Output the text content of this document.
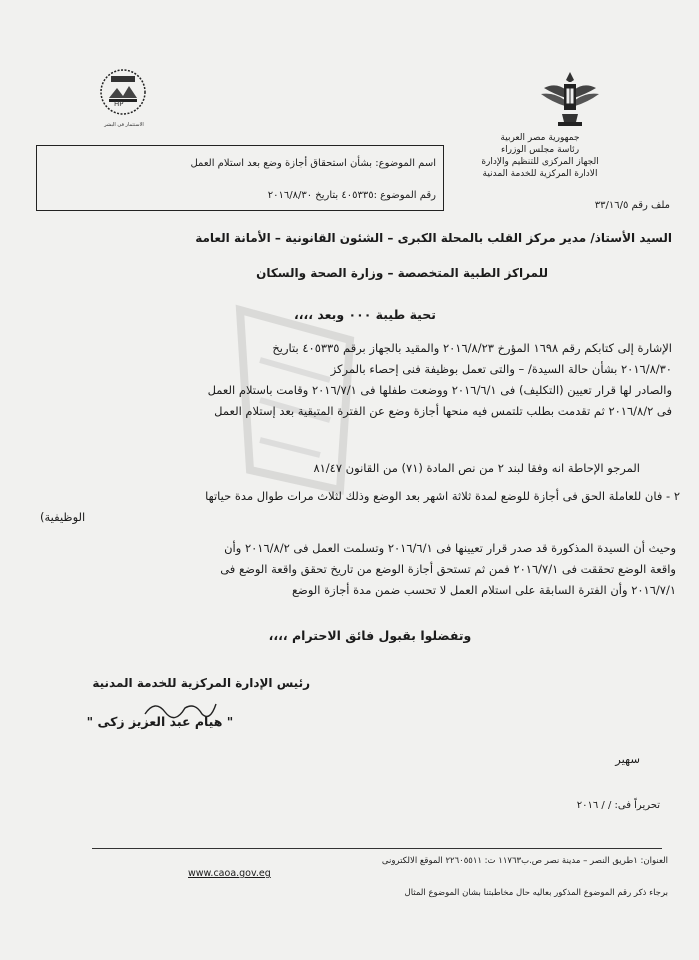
جمهورية مصر العربية
رئاسة مجلس الوزراء
الجهاز المركزى للتنظيم والإدارة
الادارة المركزية للخدمة المدنية
HP
الاستثمار فى البشر
اسم الموضوع: بشأن استحقاق أجازة وضع بعد استلام العمل
رقم الموضوع :٤٠٥٣٣٥ بتاريخ ٢٠١٦/٨/٣٠
ملف رقم ٣٣/١٦/٥
السيد الأستاذ/ مدير مركز القلب بالمحلة الكبرى – الشئون القانونية – الأمانة العامة
للمراكز الطبية المتخصصة – وزارة الصحة والسكان
تحية طيبة ٠٠٠ وبعد ،،،،
الإشارة إلى كتابكم رقم ١٦٩٨ المؤرخ ٢٠١٦/٨/٢٣ والمقيد بالجهاز برقم ٤٠٥٣٣٥ بتاريخ
٢٠١٦/٨/٣٠ بشأن حالة السيدة/ – والتى تعمل بوظيفة فنى إحصاء بالمركز
والصادر لها قرار تعيين (التكليف) فى ٢٠١٦/٦/١ ووضعت طفلها فى ٢٠١٦/٧/١ وقامت باستلام العمل
فى ٢٠١٦/٨/٢ ثم تقدمت بطلب تلتمس فيه منحها أجازة وضع عن الفترة المتبقية بعد إستلام العمل
المرجو الإحاطة انه وفقا لبند ٢ من نص المادة (٧١) من القانون ٨١/٤٧
٢ - فان للعاملة الحق فى أجازة للوضع لمدة ثلاثة اشهر بعد الوضع وذلك لثلاث مرات طوال مدة حياتها
الوظيفية)
وحيث أن السيدة المذكورة قد صدر قرار تعيينها فى ٢٠١٦/٦/١ وتسلمت العمل فى ٢٠١٦/٨/٢ وأن
واقعة الوضع تحققت فى ٢٠١٦/٧/١ فمن ثم تستحق أجازة الوضع من تاريخ تحقق واقعة الوضع فى
٢٠١٦/٧/١ وأن الفترة السابقة على استلام العمل لا تحسب ضمن مدة أجازة الوضع
وتفضلوا بقبول فائق الاحترام ،،،،
رئيس الإدارة المركزية للخدمة المدنية
" هيام عبد العزيز زكى "
سهير
تحريراً فى: / / ٢٠١٦
العنوان: ١طريق النصر – مدينة نصر ص.ب١١٧٦٣ ت: ٢٢٦٠٥٥١١ الموقع الالكترونى
www.caoa.gov.eg
برجاء ذكر رقم الموضوع المذكور بعاليه حال مخاطبتنا بشان الموضوع المثال
